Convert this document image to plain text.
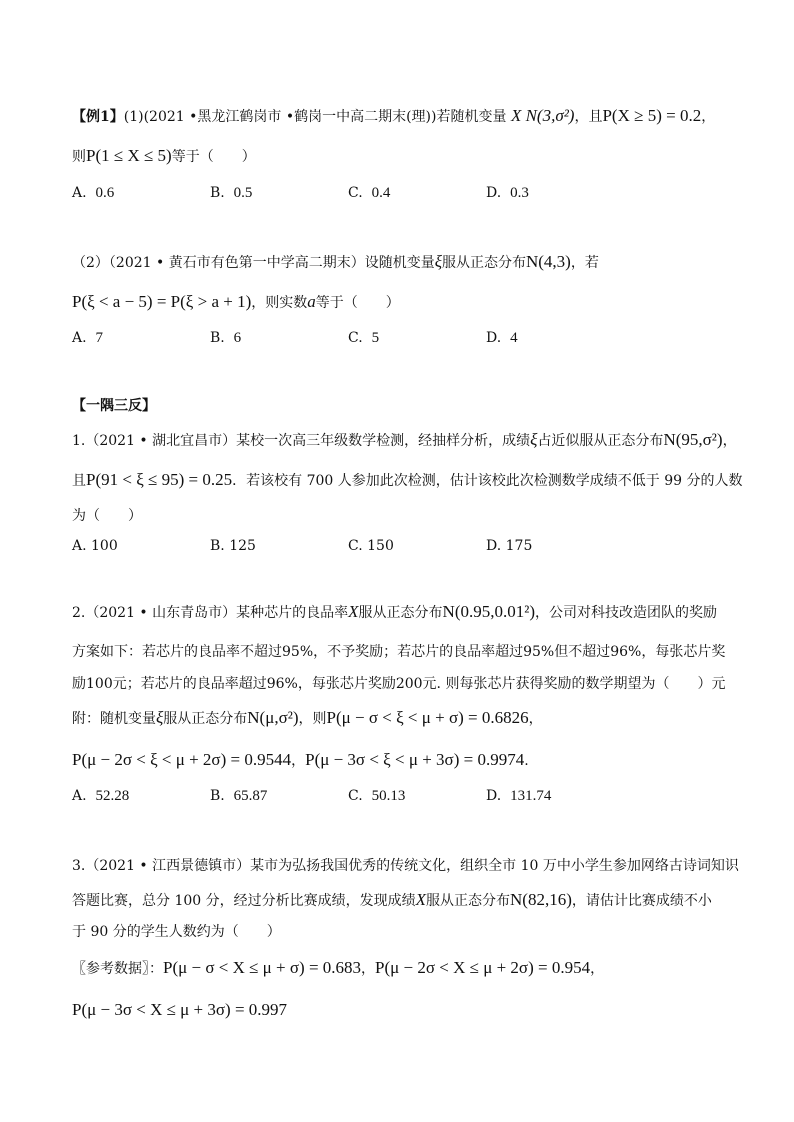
【例1】(1)(2021 •黑龙江鹤岗市 •鹤岗一中高二期末(理))若随机变量 X N(3,σ²)，且P(X ≥ 5) = 0.2，
则P(1 ≤ X ≤ 5)等于（　　）
A. 0.6	B. 0.5	C. 0.4	D. 0.3
（2）（2021 • 黄石市有色第一中学高二期末）设随机变量ξ服从正态分布N(4,3)，若
P(ξ < a − 5) = P(ξ > a + 1)，则实数a等于（　　）
A. 7	B. 6	C. 5	D. 4
【一隅三反】
1.（2021 • 湖北宜昌市）某校一次高三年级数学检测，经抽样分析，成绩ξ占近似服从正态分布N(95,σ²)，
且P(91 < ξ ≤ 95) = 0.25．若该校有 700 人参加此次检测，估计该校此次检测数学成绩不低于 99 分的人数
为（　　）
A. 100	B. 125	C. 150	D. 175
2.（2021 • 山东青岛市）某种芯片的良品率X服从正态分布N(0.95,0.01²)，公司对科技改造团队的奖励
方案如下：若芯片的良品率不超过95%，不予奖励；若芯片的良品率超过95%但不超过96%，每张芯片奖
励100元；若芯片的良品率超过96%，每张芯片奖励200元. 则每张芯片获得奖励的数学期望为（　　）元
附：随机变量ξ服从正态分布N(μ,σ²)，则P(μ − σ < ξ < μ + σ) = 0.6826，
P(μ − 2σ < ξ < μ + 2σ) = 0.9544，P(μ − 3σ < ξ < μ + 3σ) = 0.9974.
A. 52.28	B. 65.87	C. 50.13	D. 131.74
3.（2021 • 江西景德镇市）某市为弘扬我国优秀的传统文化，组织全市 10 万中小学生参加网络古诗词知识
答题比赛，总分 100 分，经过分析比赛成绩，发现成绩X服从正态分布N(82,16)，请估计比赛成绩不小
于 90 分的学生人数约为（　　）
〖参考数据〗：P(μ − σ < X ≤ μ + σ) = 0.683，P(μ − 2σ < X ≤ μ + 2σ) = 0.954，
P(μ − 3σ < X ≤ μ + 3σ) = 0.997
